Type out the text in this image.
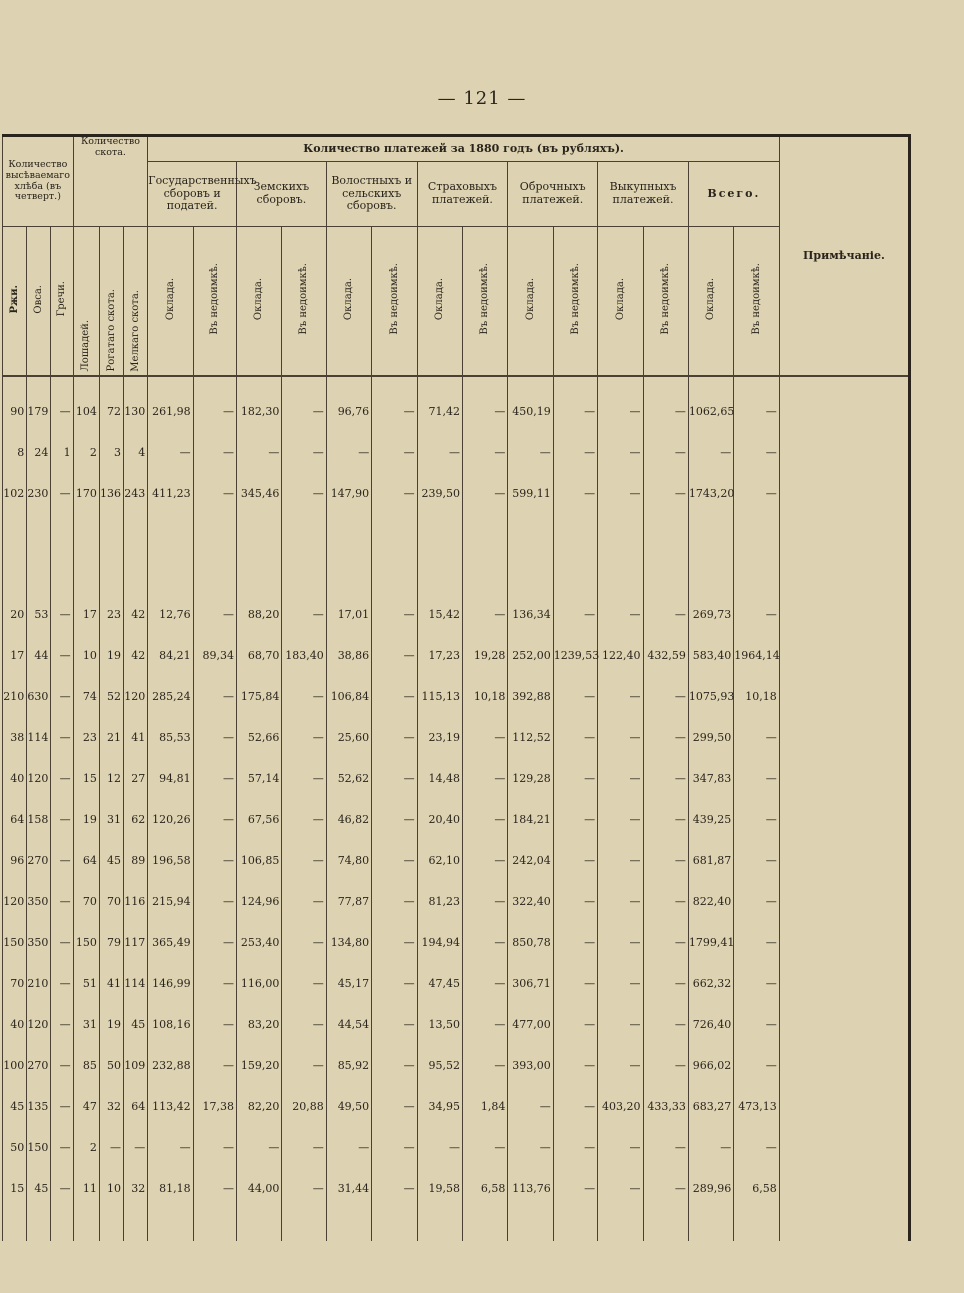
— 121 —
Количество высѣваемаго хлѣба (въ четверт.)			Количество скота.			Количество платежей за 1880 годъ (въ рубляхъ).														Примѣчаніе.
						Государственныхъ сборовъ и податей.		Земскихъ сборовъ.		Волостныхъ и сельскихъ сборовъ.		Страховыхъ платежей.		Оброчныхъ платежей.		Выкупныхъ платежей.		Всего.		
Ржи.	Овса.	Гречи.	Лошадей.	Рогатаго скота.	Мелкаго скота.	Оклада.	Въ недоимкѣ.	Оклада.	Въ недоимкѣ.	Оклада.	Въ недоимкѣ.	Оклада.	Въ недоимкѣ.	Оклада.	Въ недоимкѣ.	Оклада.	Въ недоимкѣ.	Оклада.	Въ недоимкѣ.	

90	179	—	104	72	130	261,98	—	182,30	—	96,76	—	71,42	—	450,19	—	—	—	1062,65	—	
8	24	1	2	3	4	—	—	—	—	—	—	—	—	—	—	—	—	—	—	
102	230	—	170	136	243	411,23	—	345,46	—	147,90	—	239,50	—	599,11	—	—	—	1743,20	—	

20	53	—	17	23	42	12,76	—	88,20	—	17,01	—	15,42	—	136,34	—	—	—	269,73	—	
17	44	—	10	19	42	84,21	89,34	68,70	183,40	38,86	—	17,23	19,28	252,00	1239,53	122,40	432,59	583,40	1964,14	
210	630	—	74	52	120	285,24	—	175,84	—	106,84	—	115,13	10,18	392,88	—	—	—	1075,93	10,18	
38	114	—	23	21	41	85,53	—	52,66	—	25,60	—	23,19	—	112,52	—	—	—	299,50	—	
40	120	—	15	12	27	94,81	—	57,14	—	52,62	—	14,48	—	129,28	—	—	—	347,83	—	
64	158	—	19	31	62	120,26	—	67,56	—	46,82	—	20,40	—	184,21	—	—	—	439,25	—	
96	270	—	64	45	89	196,58	—	106,85	—	74,80	—	62,10	—	242,04	—	—	—	681,87	—	
120	350	—	70	70	116	215,94	—	124,96	—	77,87	—	81,23	—	322,40	—	—	—	822,40	—	
150	350	—	150	79	117	365,49	—	253,40	—	134,80	—	194,94	—	850,78	—	—	—	1799,41	—	
70	210	—	51	41	114	146,99	—	116,00	—	45,17	—	47,45	—	306,71	—	—	—	662,32	—	
40	120	—	31	19	45	108,16	—	83,20	—	44,54	—	13,50	—	477,00	—	—	—	726,40	—	
100	270	—	85	50	109	232,88	—	159,20	—	85,92	—	95,52	—	393,00	—	—	—	966,02	—	
45	135	—	47	32	64	113,42	17,38	82,20	20,88	49,50	—	34,95	1,84	—	—	403,20	433,33	683,27	473,13	
50	150	—	2	—	—	—	—	—	—	—	—	—	—	—	—	—	—	—	—	
15	45	—	11	10	32	81,18	—	44,00	—	31,44	—	19,58	6,58	113,76	—	—	—	289,96	6,58	
